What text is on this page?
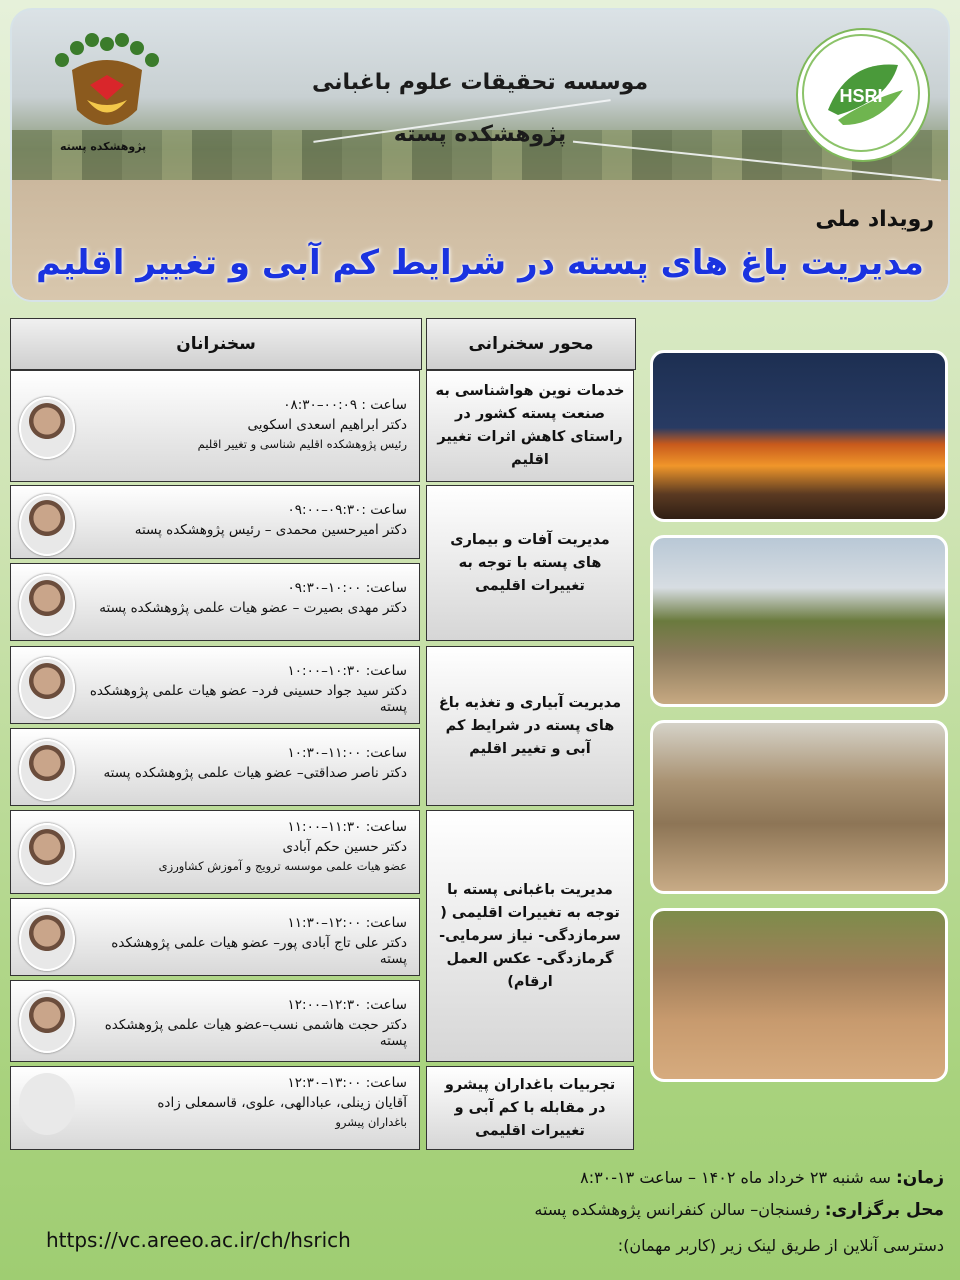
پژوهشکده پسته
HSRI
موسسه تحقیقات علوم باغبانی
پژوهشکده پسته
رویداد ملی
مدیریت باغ های پسته در شرایط کم آبی و تغییر اقلیم
سخنرانان	محور سخنرانی
خدمات نوین هواشناسی به صنعت پسته کشور در راستای کاهش اثرات تغییر اقلیم
مدیریت آفات و بیماری های پسته با توجه به تغییرات اقلیمی
مدیریت آبیاری و تغذیه باغ های پسته در شرایط کم آبی و تغییر اقلیم
مدیریت باغبانی پسته با توجه به تغییرات اقلیمی ( سرمازدگی- نیاز سرمایی- گرمازدگی- عکس العمل ارقام)
تجربیات باغداران پیشرو در مقابله با کم آبی و تغییرات اقلیمی
ساعت : ۰۰:۰۹–۰۸:۳۰
دکتر ابراهیم اسعدی اسکویی
رئیس پژوهشکده اقلیم شناسی و تغییر اقلیم
ساعت :۰۹:۳۰–۰۹:۰۰
دکتر امیرحسین محمدی – رئیس پژوهشکده پسته
ساعت: ۱۰:۰۰–۰۹:۳۰
دکتر مهدی بصیرت – عضو هیات علمی پژوهشکده پسته
ساعت: ۱۰:۳۰–۱۰:۰۰
دکتر سید جواد حسینی فرد– عضو هیات علمی پژوهشکده پسته
ساعت: ۱۱:۰۰–۱۰:۳۰
دکتر ناصر صداقتی– عضو هیات علمی پژوهشکده پسته
ساعت: ۱۱:۳۰–۱۱:۰۰
دکتر حسین حکم آبادی
عضو هیات علمی موسسه ترویج و آموزش کشاورزی
ساعت: ۱۲:۰۰–۱۱:۳۰
دکتر علی تاج آبادی پور– عضو هیات علمی پژوهشکده پسته
ساعت: ۱۲:۳۰–۱۲:۰۰
دکتر حجت هاشمی نسب–عضو هیات علمی پژوهشکده پسته
ساعت: ۱۳:۰۰–۱۲:۳۰
آقایان زینلی، عبادالهی، علوی، قاسمعلی زاده
باغداران پیشرو
زمان: سه شنبه ۲۳ خرداد ماه ۱۴۰۲ – ساعت ۱۳-۸:۳۰
محل برگزاری: رفسنجان– سالن کنفرانس پژوهشکده پسته
دسترسی آنلاین از طریق لینک زیر (کاربر مهمان):
https://vc.areeo.ac.ir/ch/hsrich
